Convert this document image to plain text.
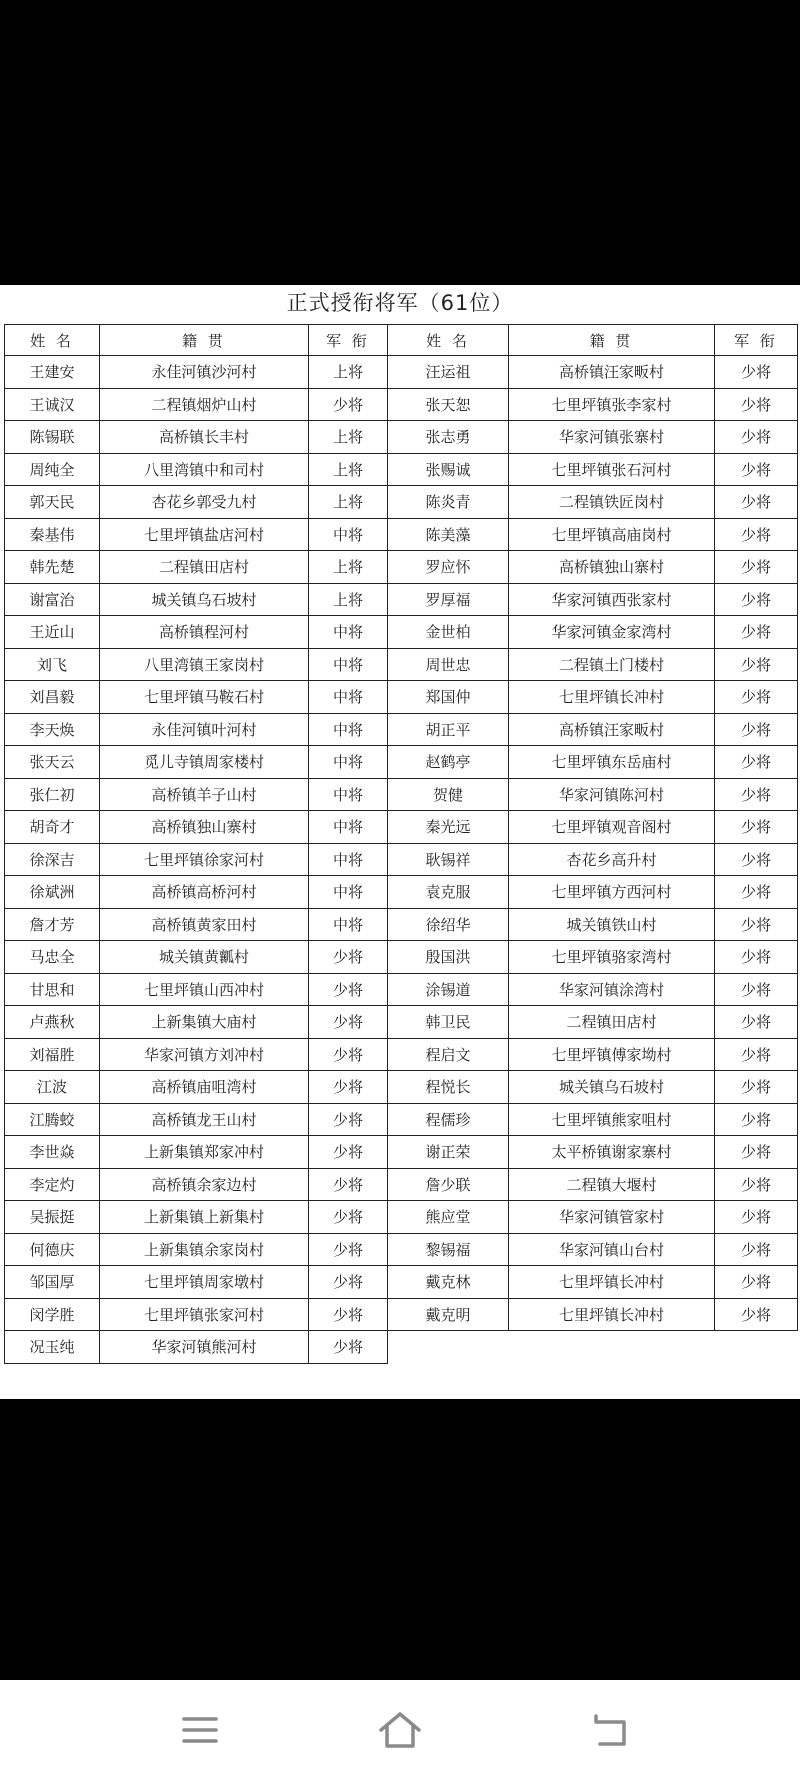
正式授衔将军（61位）
姓 名	籍 贯	军 衔	姓 名	籍 贯	军 衔
王建安	永佳河镇沙河村	上将	汪运祖	高桥镇汪家畈村	少将
王诚汉	二程镇烟炉山村	少将	张天恕	七里坪镇张李家村	少将
陈锡联	高桥镇长丰村	上将	张志勇	华家河镇张寨村	少将
周纯全	八里湾镇中和司村	上将	张赐诚	七里坪镇张石河村	少将
郭天民	杏花乡郭受九村	上将	陈炎青	二程镇铁匠岗村	少将
秦基伟	七里坪镇盐店河村	中将	陈美藻	七里坪镇高庙岗村	少将
韩先楚	二程镇田店村	上将	罗应怀	高桥镇独山寨村	少将
谢富治	城关镇乌石坡村	上将	罗厚福	华家河镇西张家村	少将
王近山	高桥镇程河村	中将	金世柏	华家河镇金家湾村	少将
刘飞	八里湾镇王家岗村	中将	周世忠	二程镇土门楼村	少将
刘昌毅	七里坪镇马鞍石村	中将	郑国仲	七里坪镇长冲村	少将
李天焕	永佳河镇叶河村	中将	胡正平	高桥镇汪家畈村	少将
张天云	觅儿寺镇周家楼村	中将	赵鹤亭	七里坪镇东岳庙村	少将
张仁初	高桥镇羊子山村	中将	贺健	华家河镇陈河村	少将
胡奇才	高桥镇独山寨村	中将	秦光远	七里坪镇观音阁村	少将
徐深吉	七里坪镇徐家河村	中将	耿锡祥	杏花乡高升村	少将
徐斌洲	高桥镇高桥河村	中将	袁克服	七里坪镇方西河村	少将
詹才芳	高桥镇黄家田村	中将	徐绍华	城关镇铁山村	少将
马忠全	城关镇黄瓤村	少将	殷国洪	七里坪镇骆家湾村	少将
甘思和	七里坪镇山西冲村	少将	涂锡道	华家河镇涂湾村	少将
卢燕秋	上新集镇大庙村	少将	韩卫民	二程镇田店村	少将
刘福胜	华家河镇方刘冲村	少将	程启文	七里坪镇傅家坳村	少将
江波	高桥镇庙咀湾村	少将	程悦长	城关镇乌石坡村	少将
江腾蛟	高桥镇龙王山村	少将	程儒珍	七里坪镇熊家咀村	少将
李世焱	上新集镇郑家冲村	少将	谢正荣	太平桥镇谢家寨村	少将
李定灼	高桥镇余家边村	少将	詹少联	二程镇大堰村	少将
吴振挺	上新集镇上新集村	少将	熊应堂	华家河镇管家村	少将
何德庆	上新集镇余家岗村	少将	黎锡福	华家河镇山台村	少将
邹国厚	七里坪镇周家墩村	少将	戴克林	七里坪镇长冲村	少将
闵学胜	七里坪镇张家河村	少将	戴克明	七里坪镇长冲村	少将
况玉纯	华家河镇熊河村	少将			
